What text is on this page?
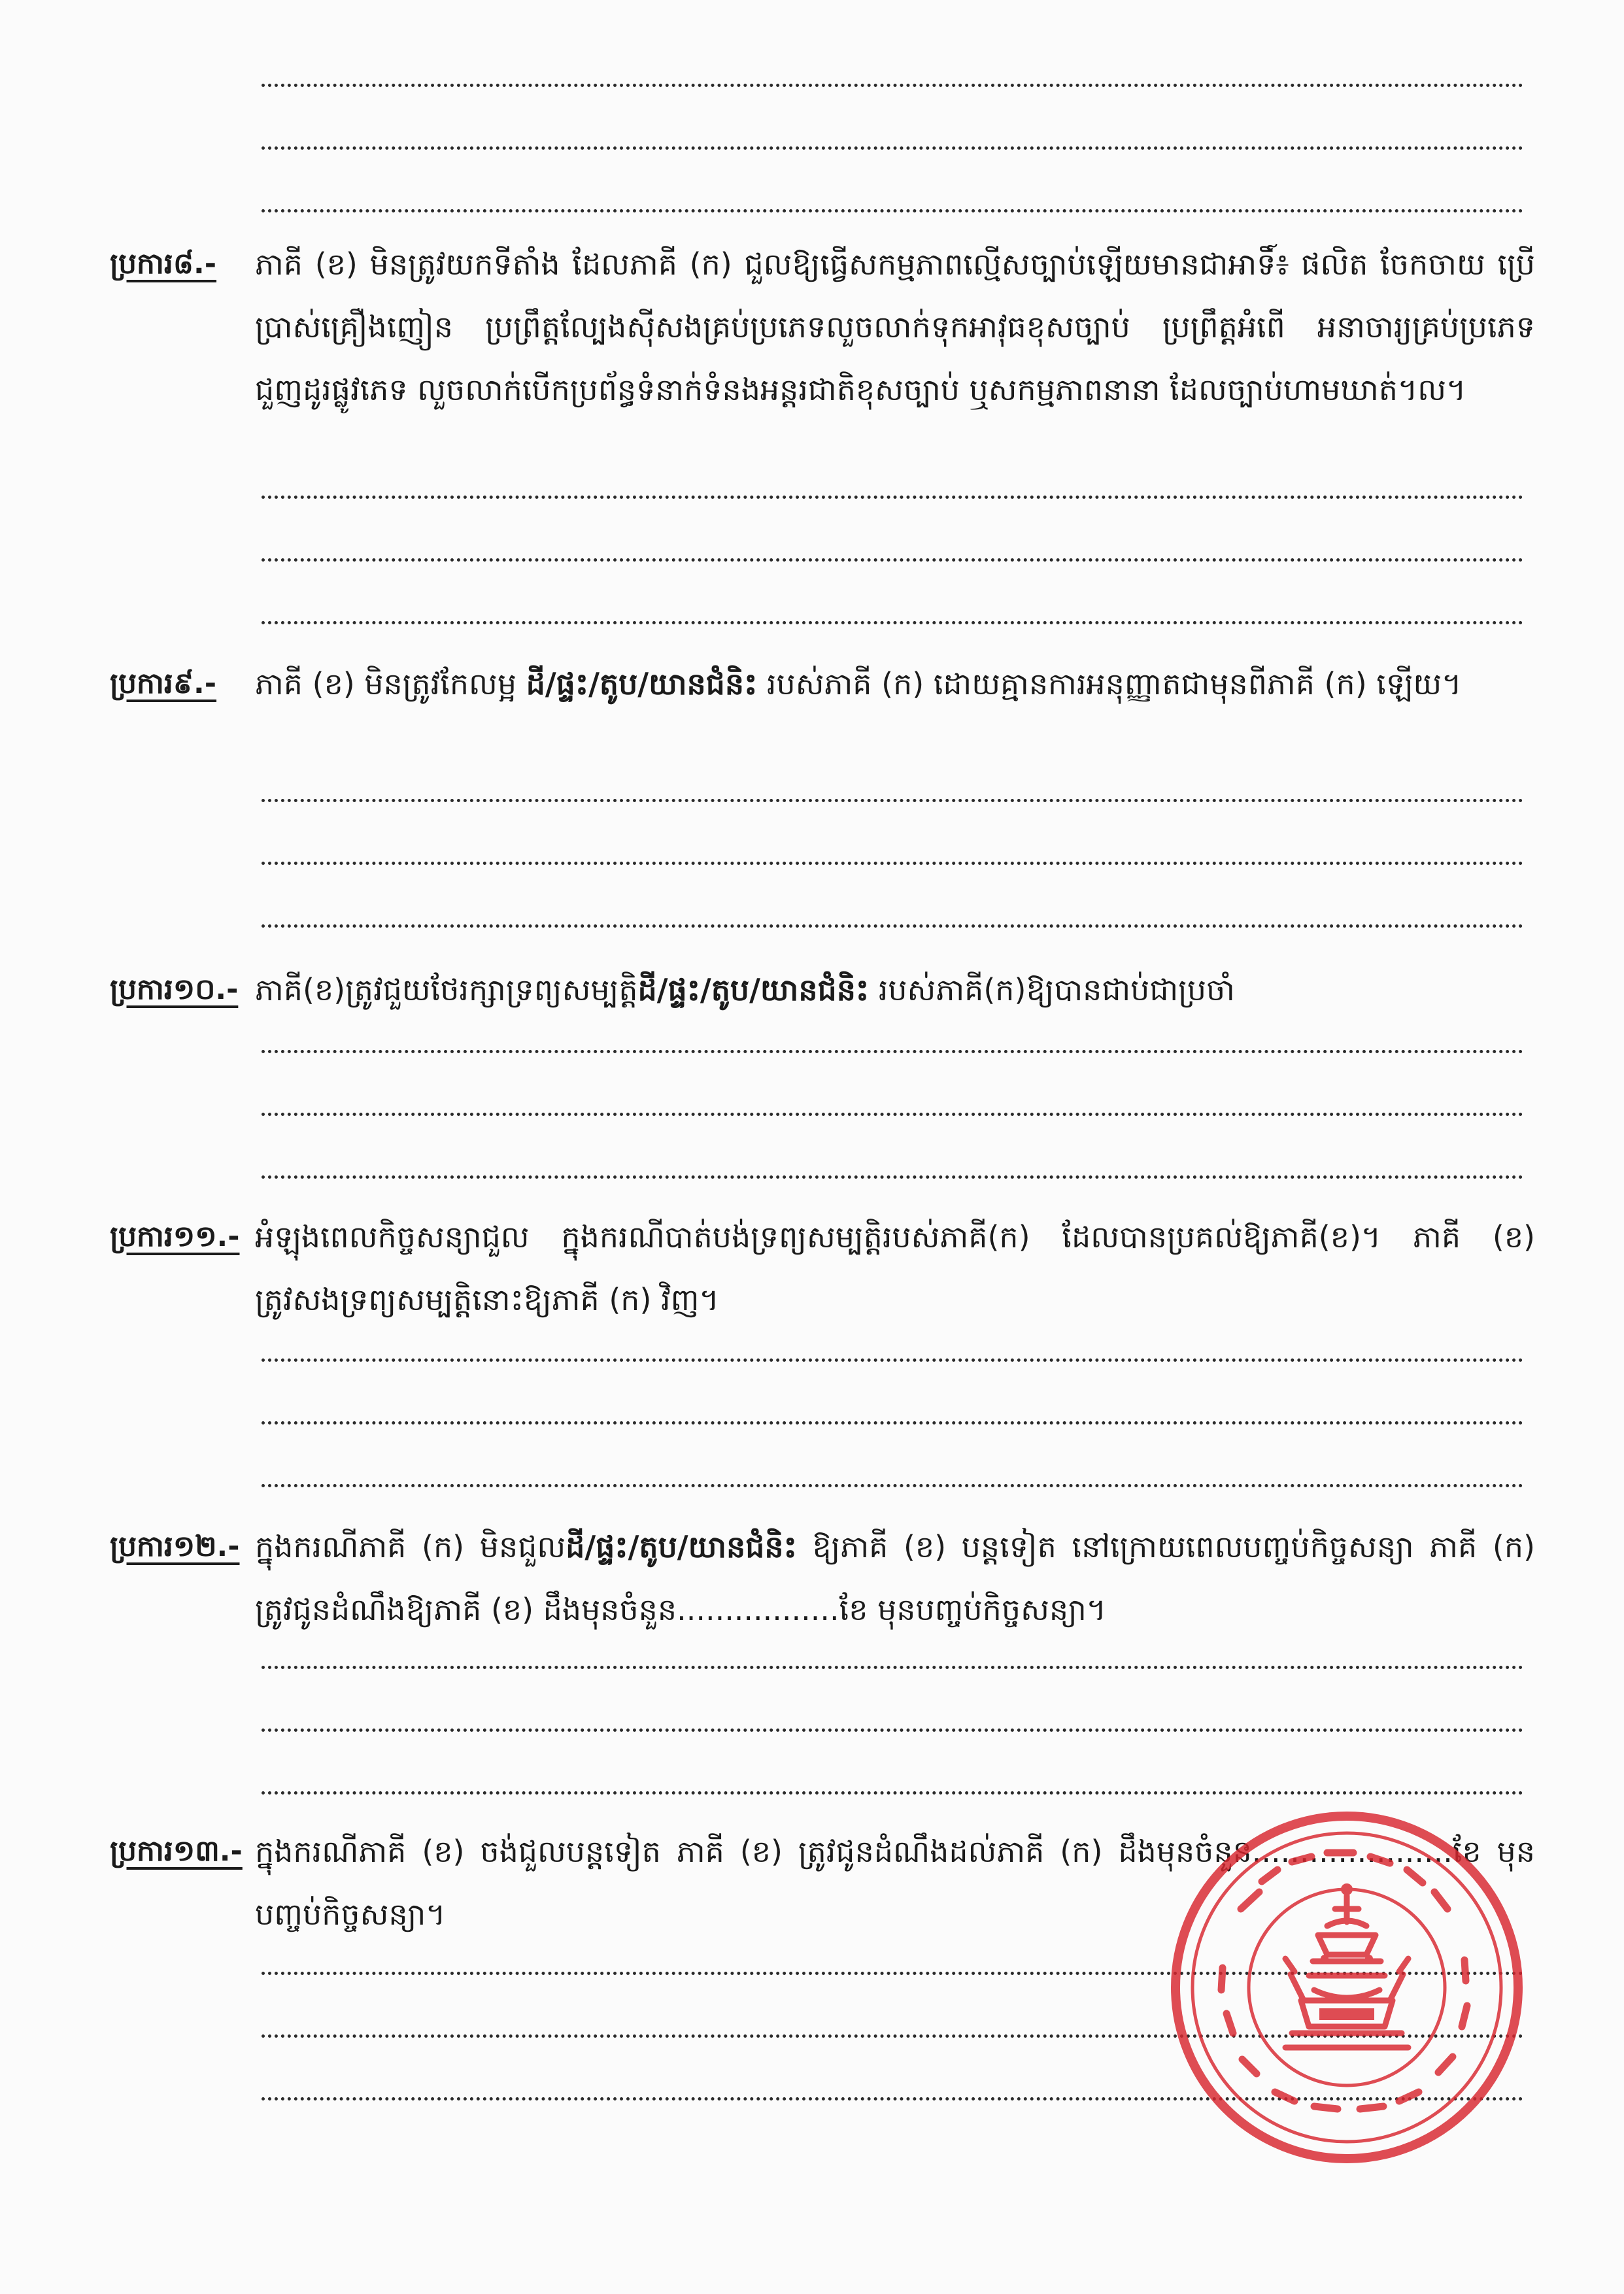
ប្រការ៨.- ភាគី (ខ) មិនត្រូវយកទីតាំង ដែលភាគី (ក) ជួលឱ្យធ្វើសកម្មភាពល្មើសច្បាប់ឡើយមានជាអាទិ៍៖ ផលិត ចែកចាយ ប្រើប្រាស់គ្រឿងញៀន ប្រព្រឹត្តល្បែងស៊ីសងគ្រប់ប្រភេទលួចលាក់ទុកអាវុធខុសច្បាប់ ប្រព្រឹត្តអំពើ អនាចារ្យគ្រប់ប្រភេទ ជួញដូរផ្លូវភេទ លួចលាក់បើកប្រព័ន្ធទំនាក់ទំនងអន្តរជាតិខុសច្បាប់ ឬសកម្មភាពនានា ដែលច្បាប់ហាមឃាត់។ល។
ប្រការ៩.- ភាគី (ខ) មិនត្រូវកែលម្អ ដី/ផ្ទះ/តូប/យានជំនិះ របស់ភាគី (ក) ដោយគ្មានការអនុញ្ញាតជាមុនពីភាគី (ក) ឡើយ។
ប្រការ១០.- ភាគី(ខ)ត្រូវជួយថែរក្សាទ្រព្យសម្បត្តិដី/ផ្ទះ/តូប/យានជំនិះ របស់ភាគី(ក)ឱ្យបានជាប់ជាប្រចាំ
ប្រការ១១.- អំឡុងពេលកិច្ចសន្យាជួល ក្នុងករណីបាត់បង់ទ្រព្យសម្បត្តិរបស់ភាគី(ក) ដែលបានប្រគល់ឱ្យភាគី(ខ)។ ភាគី (ខ) ត្រូវសងទ្រព្យសម្បត្តិនោះឱ្យភាគី (ក) វិញ។
ប្រការ១២.- ក្នុងករណីភាគី (ក) មិនជួលដី/ផ្ទះ/តូប/យានជំនិះ ឱ្យភាគី (ខ) បន្តទៀត នៅក្រោយពេលបញ្ចប់កិច្ចសន្យា ភាគី (ក) ត្រូវជូនដំណឹងឱ្យភាគី (ខ) ដឹងមុនចំនួន.................ខែ មុនបញ្ចប់កិច្ចសន្យា។
ប្រការ១៣.- ក្នុងករណីភាគី (ខ) ចង់ជួលបន្តទៀត ភាគី (ខ) ត្រូវជូនដំណឹងដល់ភាគី (ក) ដឹងមុនចំនួន.....................ខែ មុនបញ្ចប់កិច្ចសន្យា។
